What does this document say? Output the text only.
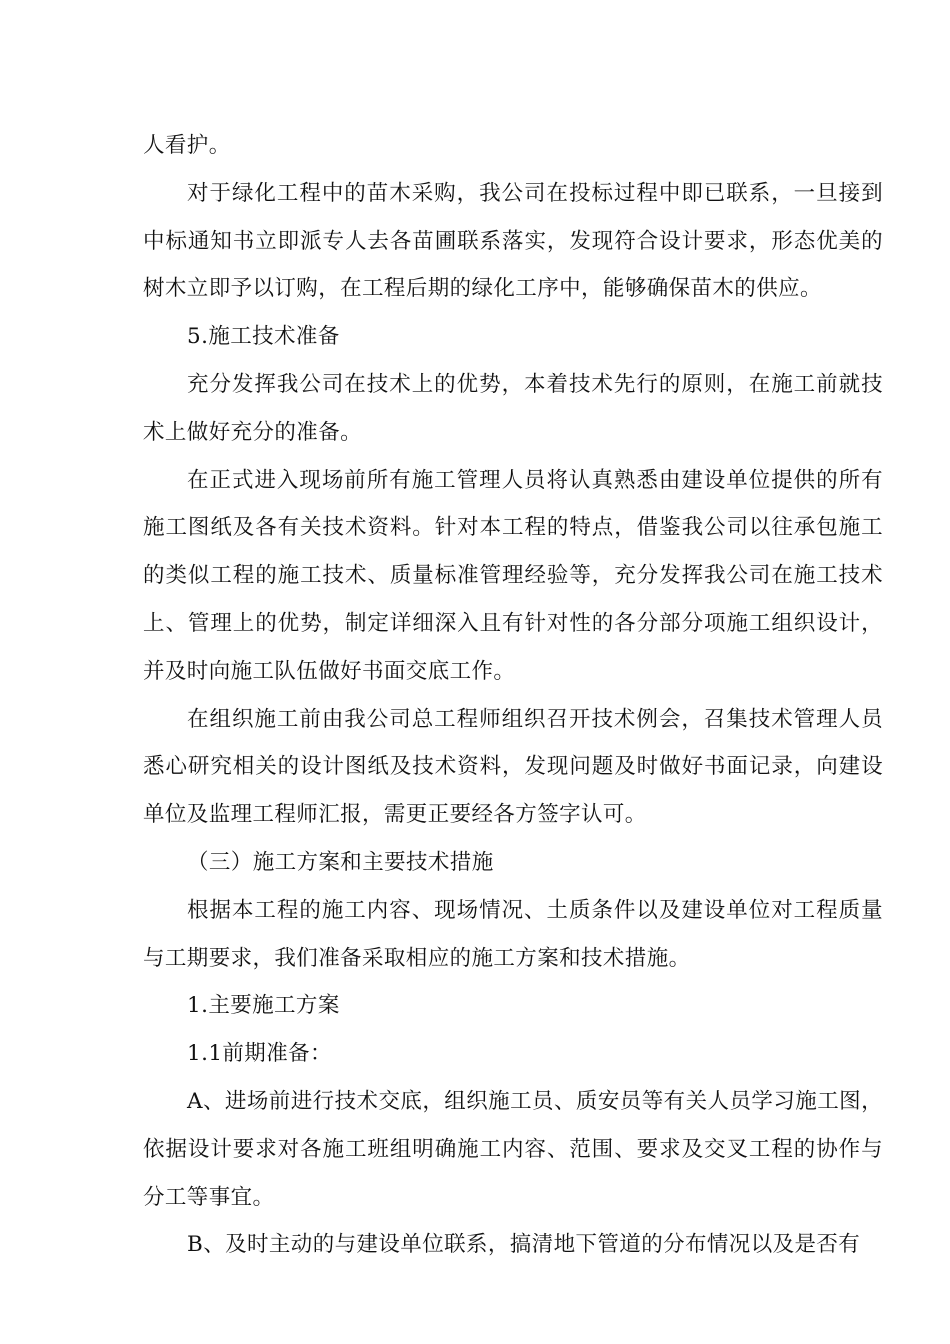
人看护。

对于绿化工程中的苗木采购，我公司在投标过程中即已联系，一旦接到中标通知书立即派专人去各苗圃联系落实，发现符合设计要求，形态优美的树木立即予以订购，在工程后期的绿化工序中，能够确保苗木的供应。

5.施工技术准备

充分发挥我公司在技术上的优势，本着技术先行的原则，在施工前就技术上做好充分的准备。

在正式进入现场前所有施工管理人员将认真熟悉由建设单位提供的所有施工图纸及各有关技术资料。针对本工程的特点，借鉴我公司以往承包施工的类似工程的施工技术、质量标准管理经验等，充分发挥我公司在施工技术上、管理上的优势，制定详细深入且有针对性的各分部分项施工组织设计，并及时向施工队伍做好书面交底工作。

在组织施工前由我公司总工程师组织召开技术例会，召集技术管理人员悉心研究相关的设计图纸及技术资料，发现问题及时做好书面记录，向建设单位及监理工程师汇报，需更正要经各方签字认可。

（三）施工方案和主要技术措施

根据本工程的施工内容、现场情况、土质条件以及建设单位对工程质量与工期要求，我们准备采取相应的施工方案和技术措施。

1.主要施工方案

1.1前期准备：

A、进场前进行技术交底，组织施工员、质安员等有关人员学习施工图，依据设计要求对各施工班组明确施工内容、范围、要求及交叉工程的协作与分工等事宜。

B、及时主动的与建设单位联系，搞清地下管道的分布情况以及是否有
